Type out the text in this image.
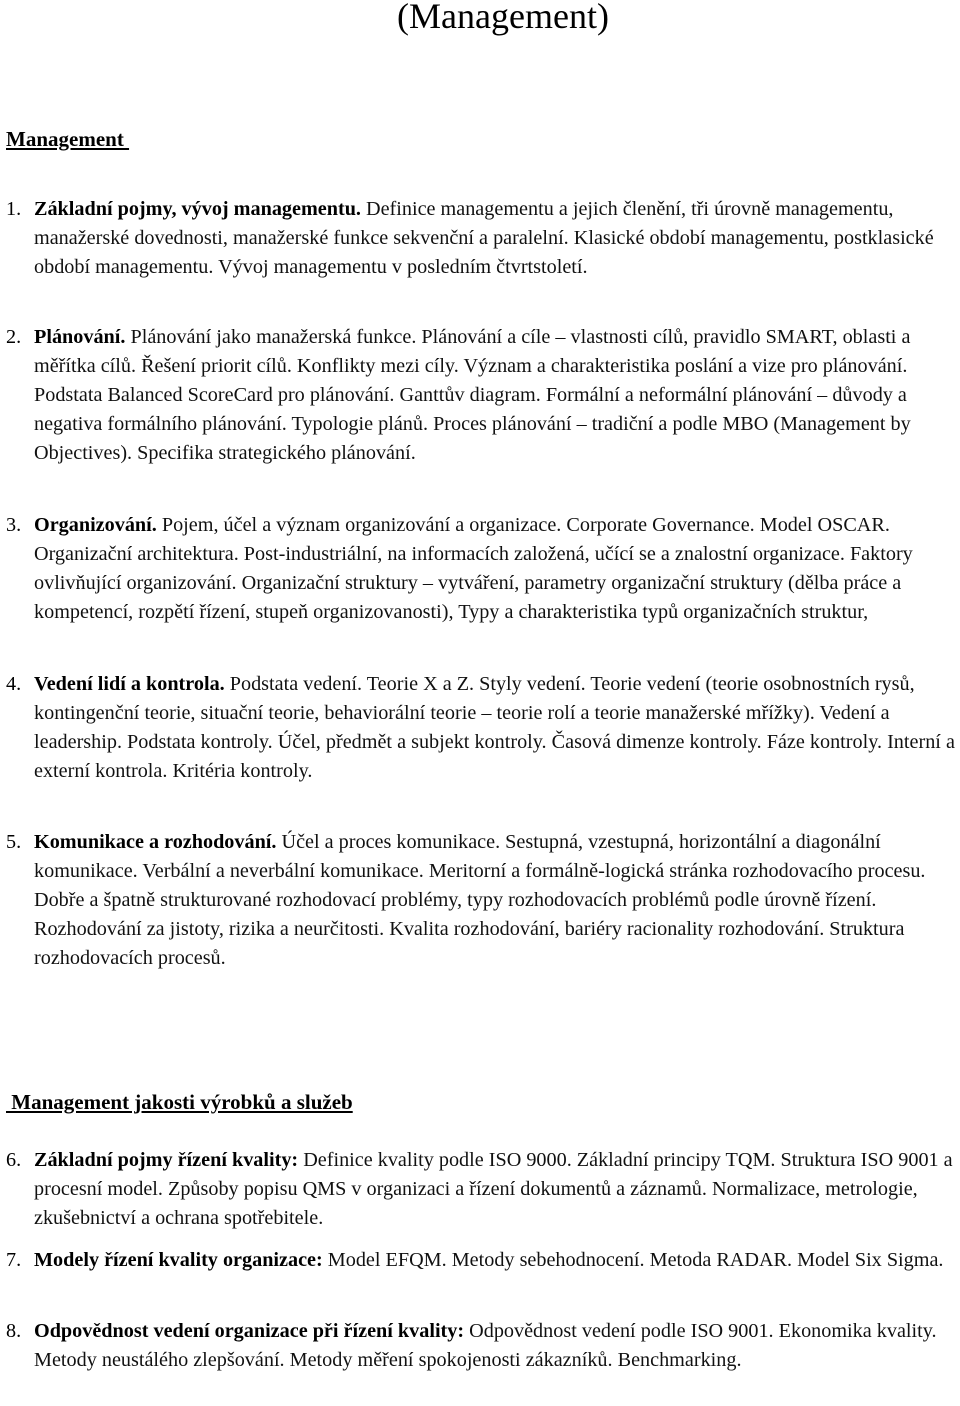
(Management)
Management
1. Základní pojmy, vývoj managementu. Definice managementu a jejich členění, tři úrovně managementu, manažerské dovednosti, manažerské funkce sekvenční a paralelní. Klasické období managementu, postklasické období managementu. Vývoj managementu v posledním čtvrtstoletí.
2. Plánování. Plánování jako manažerská funkce. Plánování a cíle – vlastnosti cílů, pravidlo SMART, oblasti a měřítka cílů. Řešení priorit cílů. Konflikty mezi cíly. Význam a charakteristika poslání a vize pro plánování. Podstata Balanced ScoreCard pro plánování. Ganttův diagram. Formální a neformální plánování – důvody a negativa formálního plánování. Typologie plánů. Proces plánování – tradiční a podle MBO (Management by Objectives). Specifika strategického plánování.
3. Organizování. Pojem, účel a význam organizování a organizace. Corporate Governance. Model OSCAR. Organizační architektura. Post-industriální, na informacích založená, učící se a znalostní organizace. Faktory ovlivňující organizování. Organizační struktury – vytváření, parametry organizační struktury (dělba práce a kompetencí, rozpětí řízení, stupeň organizovanosti), Typy a charakteristika typů organizačních struktur,
4. Vedení lidí a kontrola. Podstata vedení. Teorie X a Z. Styly vedení. Teorie vedení (teorie osobnostních rysů, kontingenční teorie, situační teorie, behaviorální teorie – teorie rolí a teorie manažerské mřížky). Vedení a leadership. Podstata kontroly. Účel, předmět a subjekt kontroly. Časová dimenze kontroly. Fáze kontroly. Interní a externí kontrola. Kritéria kontroly.
5. Komunikace a rozhodování. Účel a proces komunikace. Sestupná, vzestupná, horizontální a diagonální komunikace. Verbální a neverbální komunikace. Meritorní a formálně-logická stránka rozhodovacího procesu. Dobře a špatně strukturované rozhodovací problémy, typy rozhodovacích problémů podle úrovně řízení. Rozhodování za jistoty, rizika a neurčitosti. Kvalita rozhodování, bariéry racionality rozhodování. Struktura rozhodovacích procesů.
Management jakosti výrobků a služeb
6. Základní pojmy řízení kvality: Definice kvality podle ISO 9000. Základní principy TQM. Struktura ISO 9001 a procesní model. Způsoby popisu QMS v organizaci a řízení dokumentů a záznamů. Normalizace, metrologie, zkušebnictví a ochrana spotřebitele.
7. Modely řízení kvality organizace: Model EFQM. Metody sebehodnocení. Metoda RADAR. Model Six Sigma.
8. Odpovědnost vedení organizace při řízení kvality: Odpovědnost vedení podle ISO 9001. Ekonomika kvality. Metody neustálého zlepšování. Metody měření spokojenosti zákazníků. Benchmarking.
